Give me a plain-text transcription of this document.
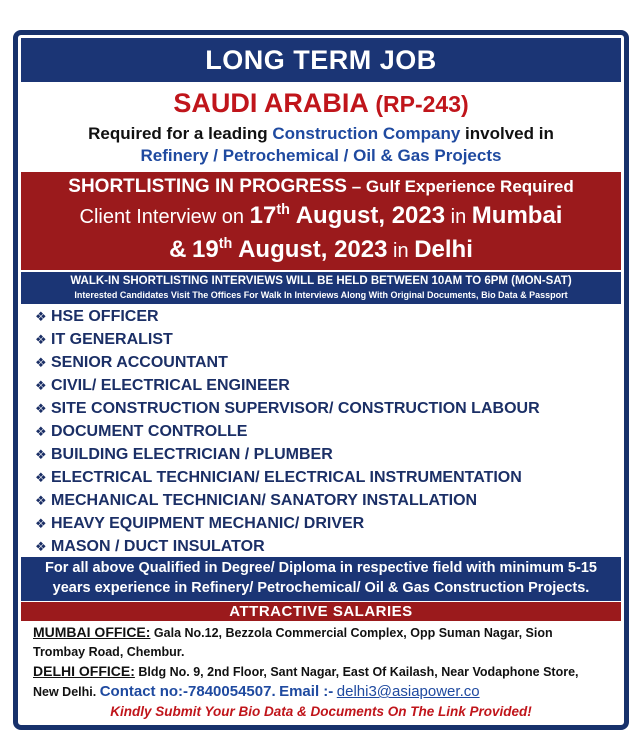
LONG TERM JOB
SAUDI ARABIA (RP-243)
Required for a leading Construction Company involved in
Refinery / Petrochemical / Oil & Gas Projects
SHORTLISTING IN PROGRESS – Gulf Experience Required
Client Interview on 17th August, 2023 in Mumbai
& 19th August, 2023 in Delhi
WALK-IN SHORTLISTING INTERVIEWS WILL BE HELD BETWEEN 10AM TO 6PM (MON-SAT)
Interested Candidates Visit The Offices For Walk In Interviews Along With Original Documents, Bio Data & Passport
❖ HSE OFFICER
❖ IT GENERALIST
❖ SENIOR ACCOUNTANT
❖ CIVIL/ ELECTRICAL ENGINEER
❖ SITE CONSTRUCTION SUPERVISOR/ CONSTRUCTION LABOUR
❖ DOCUMENT CONTROLLE
❖ BUILDING ELECTRICIAN / PLUMBER
❖ ELECTRICAL TECHNICIAN/ ELECTRICAL INSTRUMENTATION
❖ MECHANICAL TECHNICIAN/ SANATORY INSTALLATION
❖ HEAVY EQUIPMENT MECHANIC/ DRIVER
❖ MASON / DUCT INSULATOR
For all above Qualified in Degree/ Diploma in respective field with minimum 5-15
years experience in Refinery/ Petrochemical/ Oil & Gas Construction Projects.
ATTRACTIVE SALARIES
MUMBAI OFFICE: Gala No.12, Bezzola Commercial Complex, Opp Suman Nagar, Sion
Trombay Road, Chembur.
DELHI OFFICE: Bldg No. 9, 2nd Floor, Sant Nagar, East Of Kailash, Near Vodaphone Store,
New Delhi. Contact no:-7840054507. Email :- delhi3@asiapower.co
Kindly Submit Your Bio Data & Documents On The Link Provided!
